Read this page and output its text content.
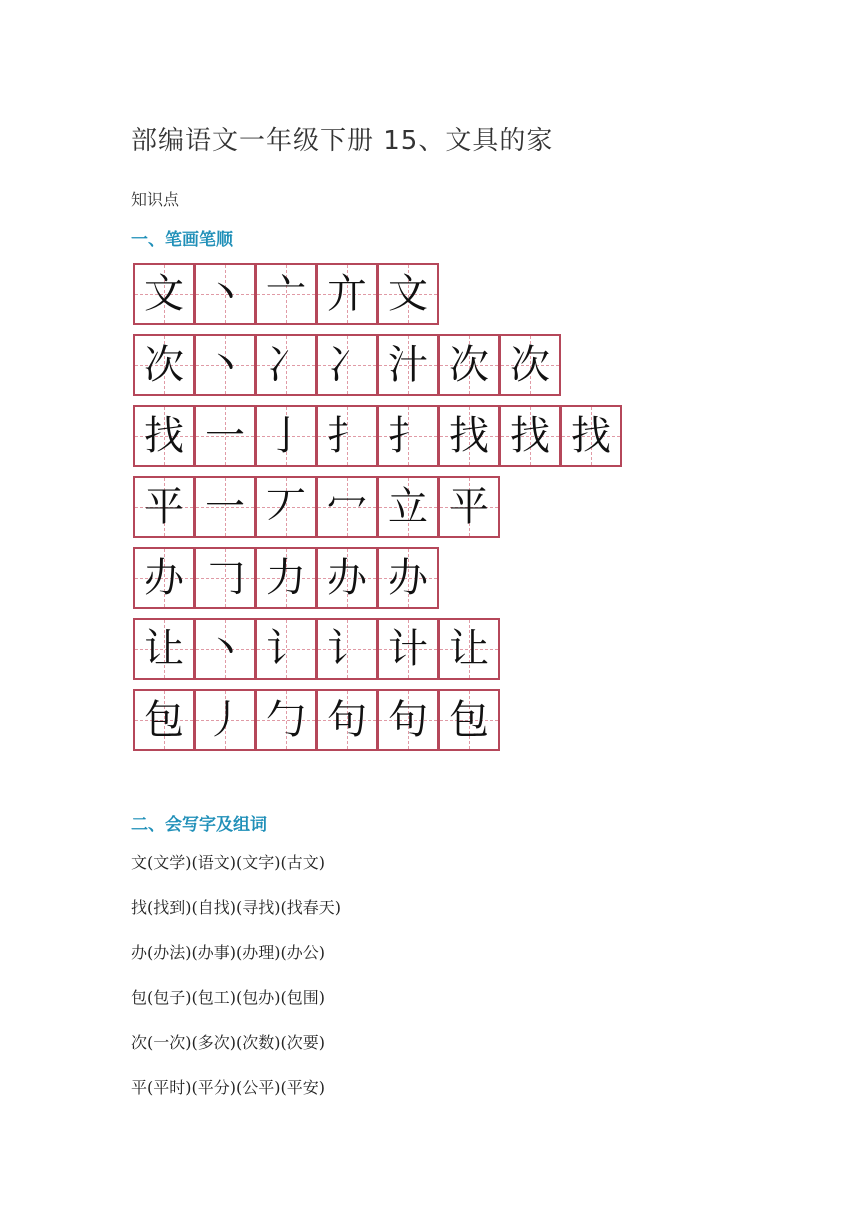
部编语文一年级下册 15、文具的家
知识点
一、笔画笔顺
文 丶 亠 亣 文
次 丶 冫 冫 汁 次 次
找 一 亅 扌 扌 找 找 找
平 一 丆 冖 立 平
办 𠃌 力 办 办
让 丶 讠 讠 计 让
包 丿 勹 句 句 包
二、会写字及组词
文(文学)(语文)(文字)(古文)
找(找到)(自找)(寻找)(找春天)
办(办法)(办事)(办理)(办公)
包(包子)(包工)(包办)(包围)
次(一次)(多次)(次数)(次要)
平(平时)(平分)(公平)(平安)
